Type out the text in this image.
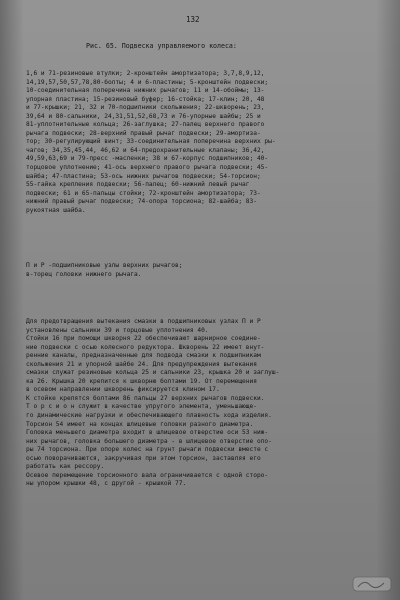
132
Рис. 65. Подвеска управляемого колеса:
1,6 и 71-резиновые втулки; 2-кронштейн амортизатора; 3,7,8,9,12,
14,19,57,50,57,78,80-болты; 4 и 6-пластины; 5-кронштейн подвески;
10-соединительная поперечина нижних рычагов; 11 и 14-обоймы; 13-
упорная пластина; 15-резиновый буфер; 16-стойка; 17-клин; 20, 48
и 77-крышки; 21, 32 и 70-подшипники скольжения; 22-шкворень; 23,
39,64 и 80-сальники, 24,31,51,52,68,73 и 76-упорные шайбы; 25 и
81-уплотнительные кольца; 26-заглушка; 27-палец верхнего правого
рычага подвески; 28-верхний правый рычаг подвески; 29-амортиза-
тор; 30-регулирующий винт; 33-соединительная поперечина верхних ры-
чагов; 34,35,45,44, 46,62 и 64-предохранительные клапаны; 36,42,
49,59,63,69 и 79-пресс -масленки; 38 и 67-корпус подшипников; 40-
торцовое уплотнение; 41-ось верхнего правого рычага подвески; 45-
шайба; 47-пластина; 53-ось нижних рычагов подвески; 54-торсион;
55-гайка крепления подвески; 56-палец; 60-нижний левый рычаг
подвески; 61 и 65-пальцы стойки; 72-кронштейн амортизатора; 73-
нижний правый рычаг подвески; 74-опора торсиона; 82-шайба; 83-
рукоятная шайба.
П и Р -подшипниковые узлы верхних рычагов;
в-торец головки нижнего рычага.
Для предотвращения вытекания смазки в подшипниковых узлах П и Р
установлены сальники 39 и торцовые уплотнения 40.
Стойки 16 при помощи шкворня 22 обеспечивают шарнирное соедине-
ние подвески с осью колесного редуктора. Шкворень 22 имеет внут-
ренние каналы, предназначенные для подвода смазки к подшипникам
скольжения 21 и упорной шайбе 24. Для предупреждения вытекания
смазки служат резиновые кольца 25 и сальники 23, крышка 20 и заглуш-
ка 26. Крышка 20 крепится к шкворню болтами 19. От перемещения
в осевом направлении шкворень фиксируется клином 17.
К стойке крепятся болтами 86 пальцы 27 верхних рычагов подвески.
Т о р с и о н служит в качестве упругого элемента, уменьшающе-
го динамические нагрузки и обеспечивающего плавность хода изделия.
Торсион 54 имеет на концах шлицевые головки разного диаметра.
Головка меньшего диаметра входит в шлицевое отверстие оси 53 ниж-
них рычагов, головка большего диаметра - в шлицевое отверстие опо-
ры 74 торсиона. При опоре колес на грунт рычаги подвески вместе с
осью поворачиваются, закручивая при этом торсион, заставляя его
работать как рессору.
Осевое перемещение торсионного вала ограничивается с одной сторо-
ны упором крышки 48, с другой - крышкой 77.
